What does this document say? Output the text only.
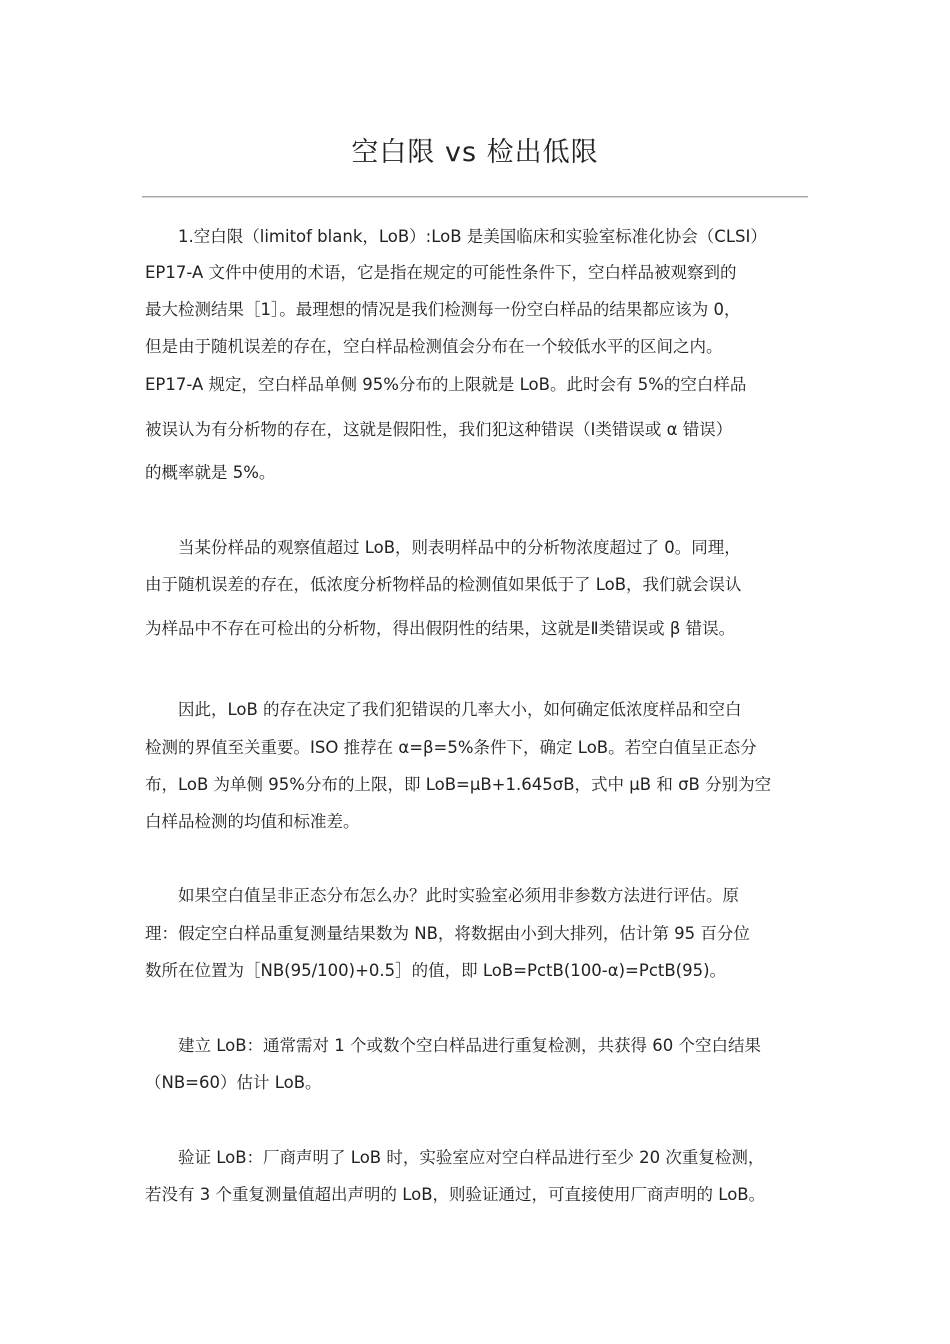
空白限 vs 检出低限
1.空白限（limitof blank，LoB）:LoB 是美国临床和实验室标准化协会（CLSI）
EP17-A 文件中使用的术语，它是指在规定的可能性条件下，空白样品被观察到的
最大检测结果［1］。最理想的情况是我们检测每一份空白样品的结果都应该为 0，
但是由于随机误差的存在，空白样品检测值会分布在一个较低水平的区间之内。
EP17-A 规定，空白样品单侧 95%分布的上限就是 LoB。此时会有 5%的空白样品
被误认为有分析物的存在，这就是假阳性，我们犯这种错误（Ⅰ类错误或 α 错误）
的概率就是 5%。
当某份样品的观察值超过 LoB，则表明样品中的分析物浓度超过了 0。同理，
由于随机误差的存在，低浓度分析物样品的检测值如果低于了 LoB，我们就会误认
为样品中不存在可检出的分析物，得出假阴性的结果，这就是Ⅱ类错误或 β 错误。
因此，LoB 的存在决定了我们犯错误的几率大小，如何确定低浓度样品和空白
检测的界值至关重要。ISO 推荐在 α=β=5%条件下，确定 LoB。若空白值呈正态分
布，LoB 为单侧 95%分布的上限，即 LoB=μB+1.645σB，式中 μB 和 σB 分别为空
白样品检测的均值和标准差。
如果空白值呈非正态分布怎么办？此时实验室必须用非参数方法进行评估。原
理：假定空白样品重复测量结果数为 NB，将数据由小到大排列，估计第 95 百分位
数所在位置为［NB(95/100)+0.5］的值，即 LoB=PctB(100-α)=PctB(95)。
建立 LoB：通常需对 1 个或数个空白样品进行重复检测，共获得 60 个空白结果
（NB=60）估计 LoB。
验证 LoB：厂商声明了 LoB 时，实验室应对空白样品进行至少 20 次重复检测，
若没有 3 个重复测量值超出声明的 LoB，则验证通过，可直接使用厂商声明的 LoB。
